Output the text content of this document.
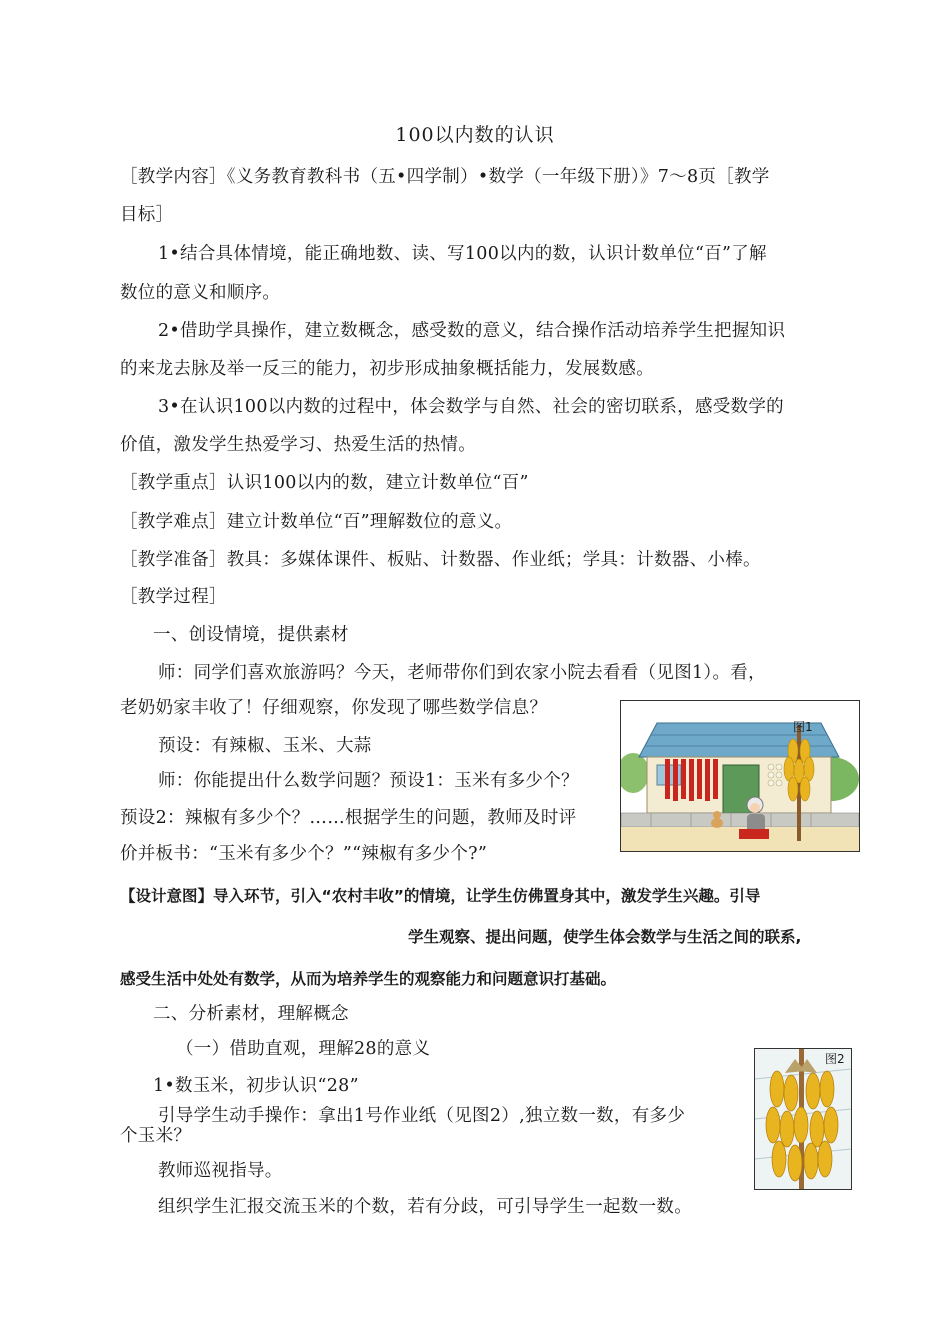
100以内数的认识
［教学内容］《义务教育教科书（五•四学制）•数学（一年级下册）》7～8页［教学
目标］
1•结合具体情境，能正确地数、读、写100以内的数，认识计数单位“百”了解
数位的意义和顺序。
2•借助学具操作，建立数概念，感受数的意义，结合操作活动培养学生把握知识
的来龙去脉及举一反三的能力，初步形成抽象概括能力，发展数感。
3•在认识100以内数的过程中，体会数学与自然、社会的密切联系，感受数学的
价值，激发学生热爱学习、热爱生活的热情。
［教学重点］认识100以内的数，建立计数单位“百”
［教学难点］建立计数单位“百”理解数位的意义。
［教学准备］教具：多媒体课件、板贴、计数器、作业纸；学具：计数器、小棒。
［教学过程］
一、创设情境，提供素材
师：同学们喜欢旅游吗？今天，老师带你们到农家小院去看看（见图1）。看，
老奶奶家丰收了！仔细观察，你发现了哪些数学信息？
预设：有辣椒、玉米、大蒜
师：你能提出什么数学问题？预设1：玉米有多少个？
预设2：辣椒有多少个？……根据学生的问题，教师及时评
价并板书：“玉米有多少个？”“辣椒有多少个?”
图1
【设计意图】导入环节，引入“农村丰收”的情境，让学生仿佛置身其中，激发学生兴趣。引导
学生观察、提出问题，使学生体会数学与生活之间的联系,
感受生活中处处有数学，从而为培养学生的观察能力和问题意识打基础。
二、分析素材，理解概念
（一）借助直观，理解28的意义
1•数玉米，初步认识“28”
引导学生动手操作：拿出1号作业纸（见图2）,独立数一数，有多少
个玉米？
教师巡视指导。
组织学生汇报交流玉米的个数，若有分歧，可引导学生一起数一数。
图2
